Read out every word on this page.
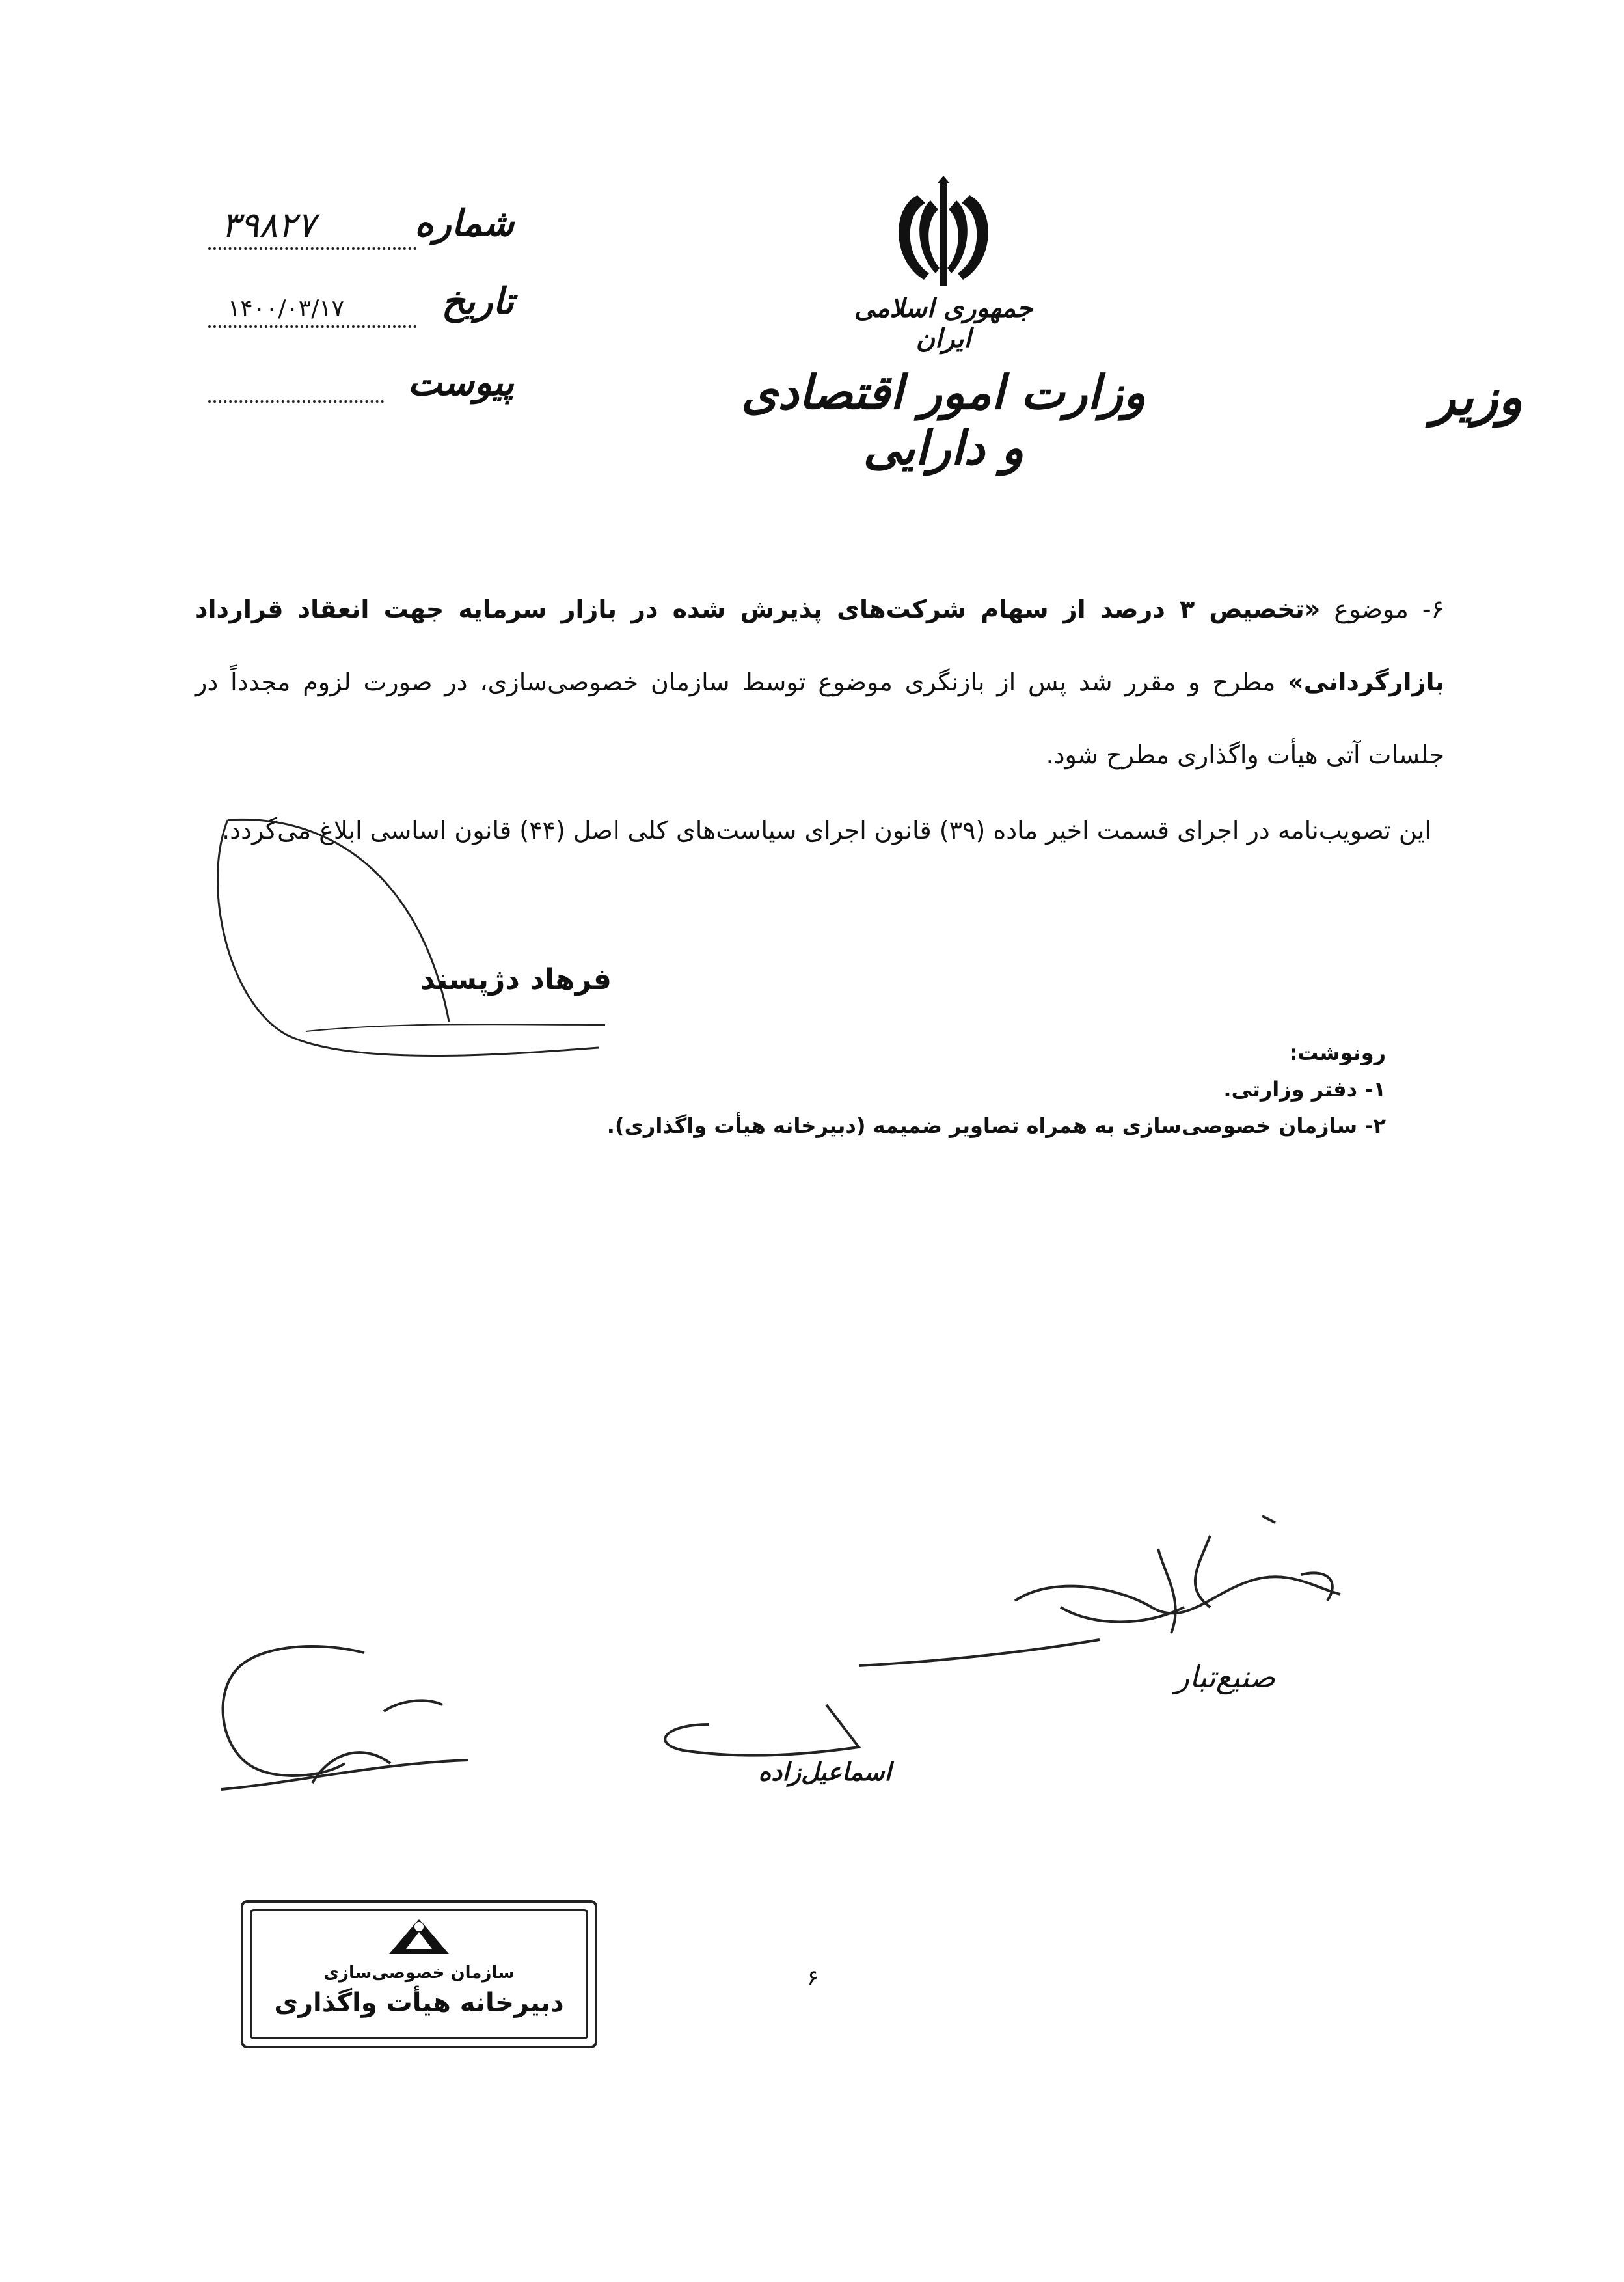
شماره
۳۹۸۲۷
تاریخ
۱۴۰۰/۰۳/۱۷
پیوست
جمهوری اسلامی ایران
وزارت امور اقتصادی و دارایی
وزیر
۶- موضوع «تخصیص ۳ درصد از سهام شرکت‌های پذیرش شده در بازار سرمایه جهت انعقاد قرارداد بازارگردانی» مطرح و مقرر شد پس از بازنگری موضوع توسط سازمان خصوصی‌سازی، در صورت لزوم مجدداً در جلسات آتی هیأت واگذاری مطرح شود.
این تصویب‌نامه در اجرای قسمت اخیر ماده (۳۹) قانون اجرای سیاست‌های کلی اصل (۴۴) قانون اساسی ابلاغ می‌گردد.
فرهاد دژپسند
رونوشت:
۱- دفتر وزارتی.
۲- سازمان خصوصی‌سازی به همراه تصاویر ضمیمه (دبیرخانه هیأت واگذاری).
اسماعیل‌زاده
صنیع‌تبار
۶
سازمان خصوصی‌سازی
دبیرخانه هیأت واگذاری
